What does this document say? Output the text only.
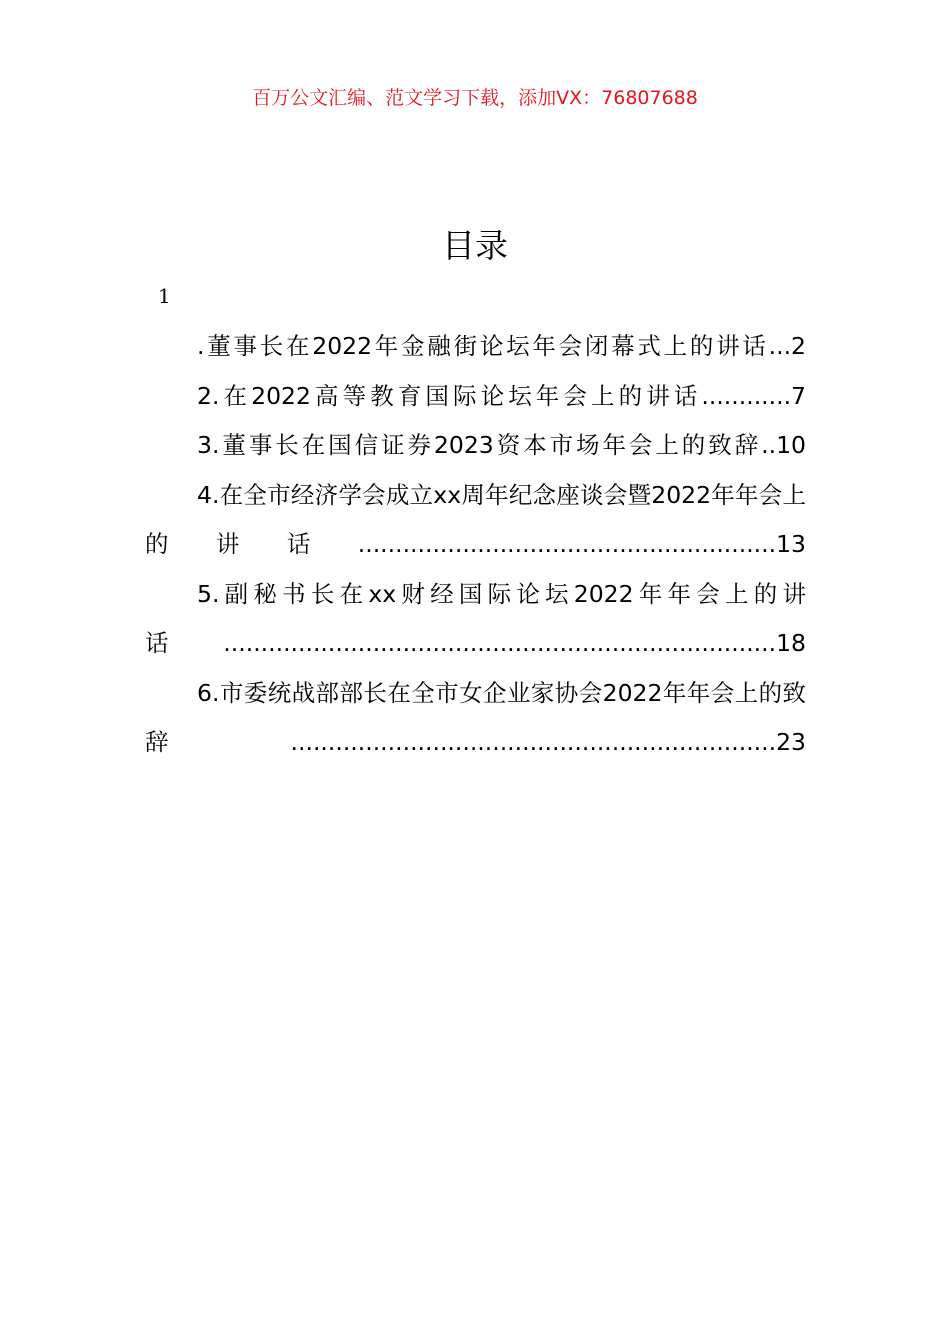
百万公文汇编、范文学习下载，添加VX：76807688
目录
1
.董事长在2022年金融街论坛年会闭幕式上的讲话...2
2.在2022高等教育国际论坛年会上的讲话............7
3.董事长在国信证券2023资本市场年会上的致辞..10
4.在全市经济学会成立xx周年纪念座谈会暨2022年年会上的讲话........................................................13
5.副秘书长在xx财经国际论坛2022年年会上的讲话..........................................................................18
6.市委统战部部长在全市女企业家协会2022年年会上的致辞.................................................................23
